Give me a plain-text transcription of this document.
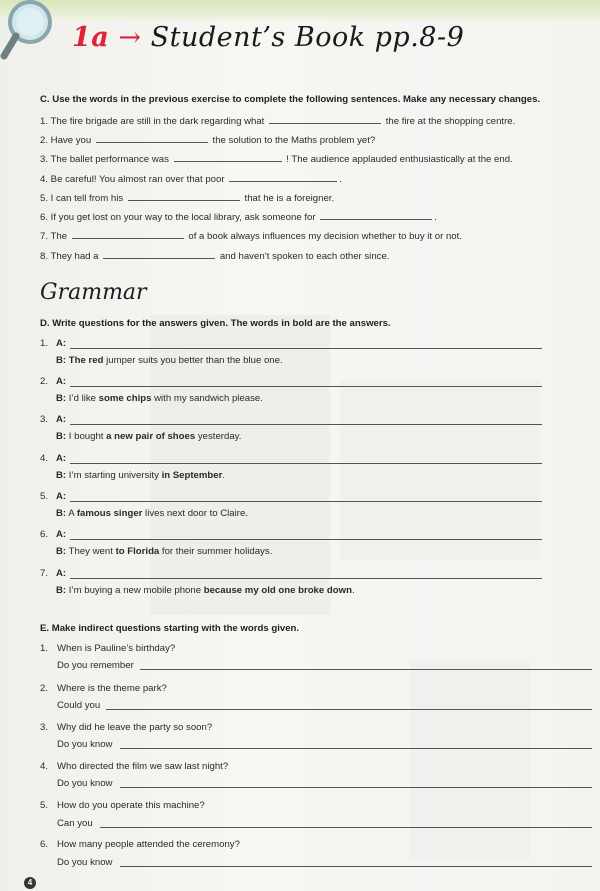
1a → Student’s Book pp.8-9
C. Use the words in the previous exercise to complete the following sentences. Make any necessary changes.
1. The fire brigade are still in the dark regarding what	the fire at the shopping centre.
2. Have you	the solution to the Maths problem yet?
3. The ballet performance was	! The audience applauded enthusiastically at the end.
4. Be careful! You almost ran over that poor	.
5. I can tell from his	that he is a foreigner.
6. If you get lost on your way to the local library, ask someone for	.
7. The	of a book always influences my decision whether to buy it or not.
8. They had a	and haven’t spoken to each other since.
Grammar
D. Write questions for the answers given. The words in bold are the answers.
1. A:
B: The red jumper suits you better than the blue one.
2. A:
B: I’d like some chips with my sandwich please.
3. A:
B: I bought a new pair of shoes yesterday.
4. A:
B: I’m starting university in September.
5. A:
B: A famous singer lives next door to Claire.
6. A:
B: They went to Florida for their summer holidays.
7. A:
B: I’m buying a new mobile phone because my old one broke down.
E. Make indirect questions starting with the words given.
1. When is Pauline’s birthday?
Do you remember
2. Where is the theme park?
Could you
3. Why did he leave the party so soon?
Do you know
4. Who directed the film we saw last night?
Do you know
5. How do you operate this machine?
Can you
6. How many people attended the ceremony?
Do you know
4
